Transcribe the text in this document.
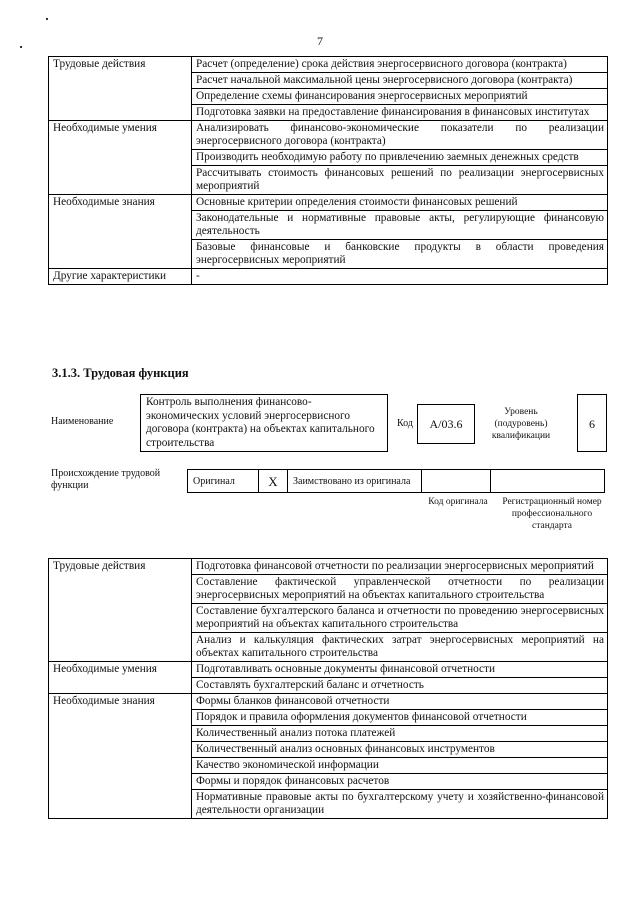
7
Трудовые действия	Расчет (определение) срока действия энергосервисного договора (контракта)
	Расчет начальной максимальной цены энергосервисного договора (контракта)
	Определение схемы финансирования энергосервисных мероприятий
	Подготовка заявки на предоставление финансирования в финансовых институтах
Необходимые умения	Анализировать финансово-экономические показатели по реализации энергосервисного договора (контракта)
	Производить необходимую работу по привлечению заемных денежных средств
	Рассчитывать стоимость финансовых решений по реализации энергосервисных мероприятий
Необходимые знания	Основные критерии определения стоимости финансовых решений
	Законодательные и нормативные правовые акты, регулирующие финансовую деятельность
	Базовые финансовые и банковские продукты в области проведения энергосервисных мероприятий
Другие характеристики	-
3.1.3. Трудовая функция
Наименование
Контроль выполнения финансово-экономических условий энергосервисного договора (контракта) на объектах капитального строительства
Код	А/03.6
Уровень (подуровень) квалификации
6
Происхождение трудовой функции	Оригинал	X	Заимствовано из оригинала		
Код оригинала	Регистрационный номер профессионального стандарта
Трудовые действия	Подготовка финансовой отчетности по реализации энергосервисных мероприятий
	Составление фактической управленческой отчетности по реализации энергосервисных мероприятий на объектах капитального строительства
	Составление бухгалтерского баланса и отчетности по проведению энергосервисных мероприятий на объектах капитального строительства
	Анализ и калькуляция фактических затрат энергосервисных мероприятий на объектах капитального строительства
Необходимые умения	Подготавливать основные документы финансовой отчетности
	Составлять бухгалтерский баланс и отчетность
Необходимые знания	Формы бланков финансовой отчетности
	Порядок и правила оформления документов финансовой отчетности
	Количественный анализ потока платежей
	Количественный анализ основных финансовых инструментов
	Качество экономической информации
	Формы и порядок финансовых расчетов
	Нормативные правовые акты по бухгалтерскому учету и хозяйственно-финансовой деятельности организации
